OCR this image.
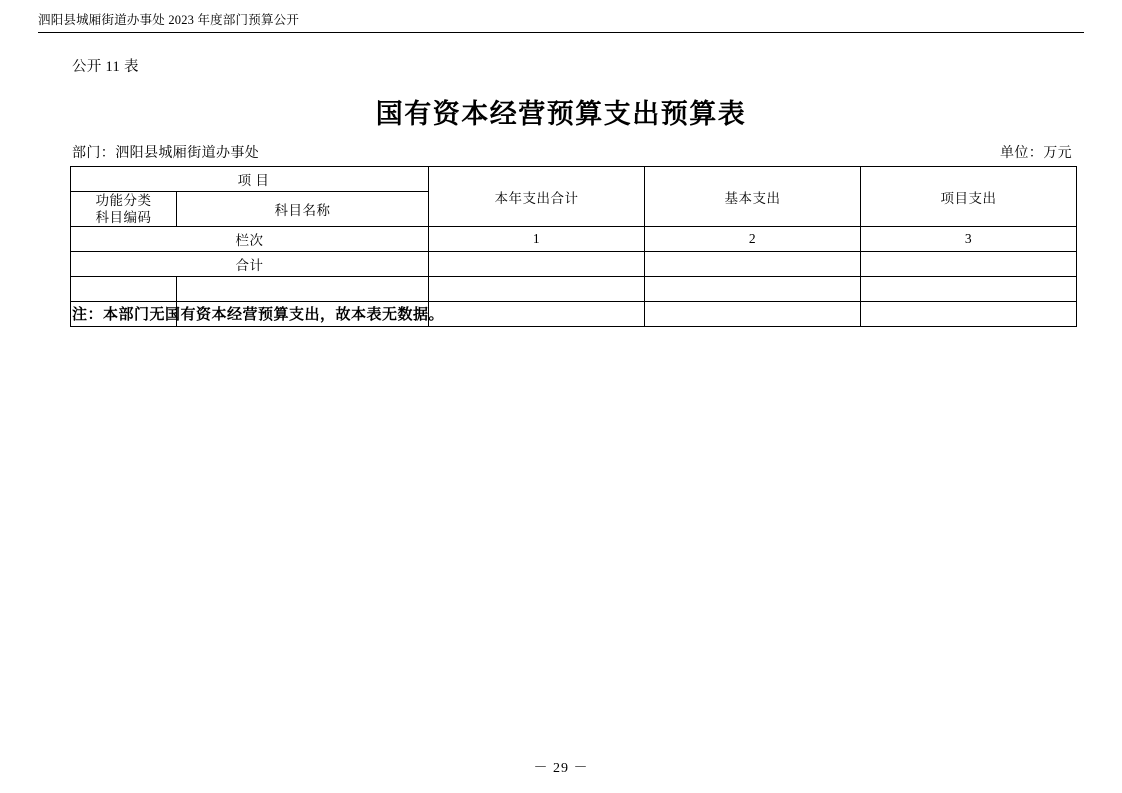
泗阳县城厢街道办事处 2023 年度部门预算公开
公开 11 表
国有资本经营预算支出预算表
部门：泗阳县城厢街道办事处	单位：万元
项 目		本年支出合计	基本支出	项目支出

功能分类
科目编码	科目名称			
栏次		1	2	3
合计				

注：本部门无国有资本经营预算支出，故本表无数据。
－ 29 －
